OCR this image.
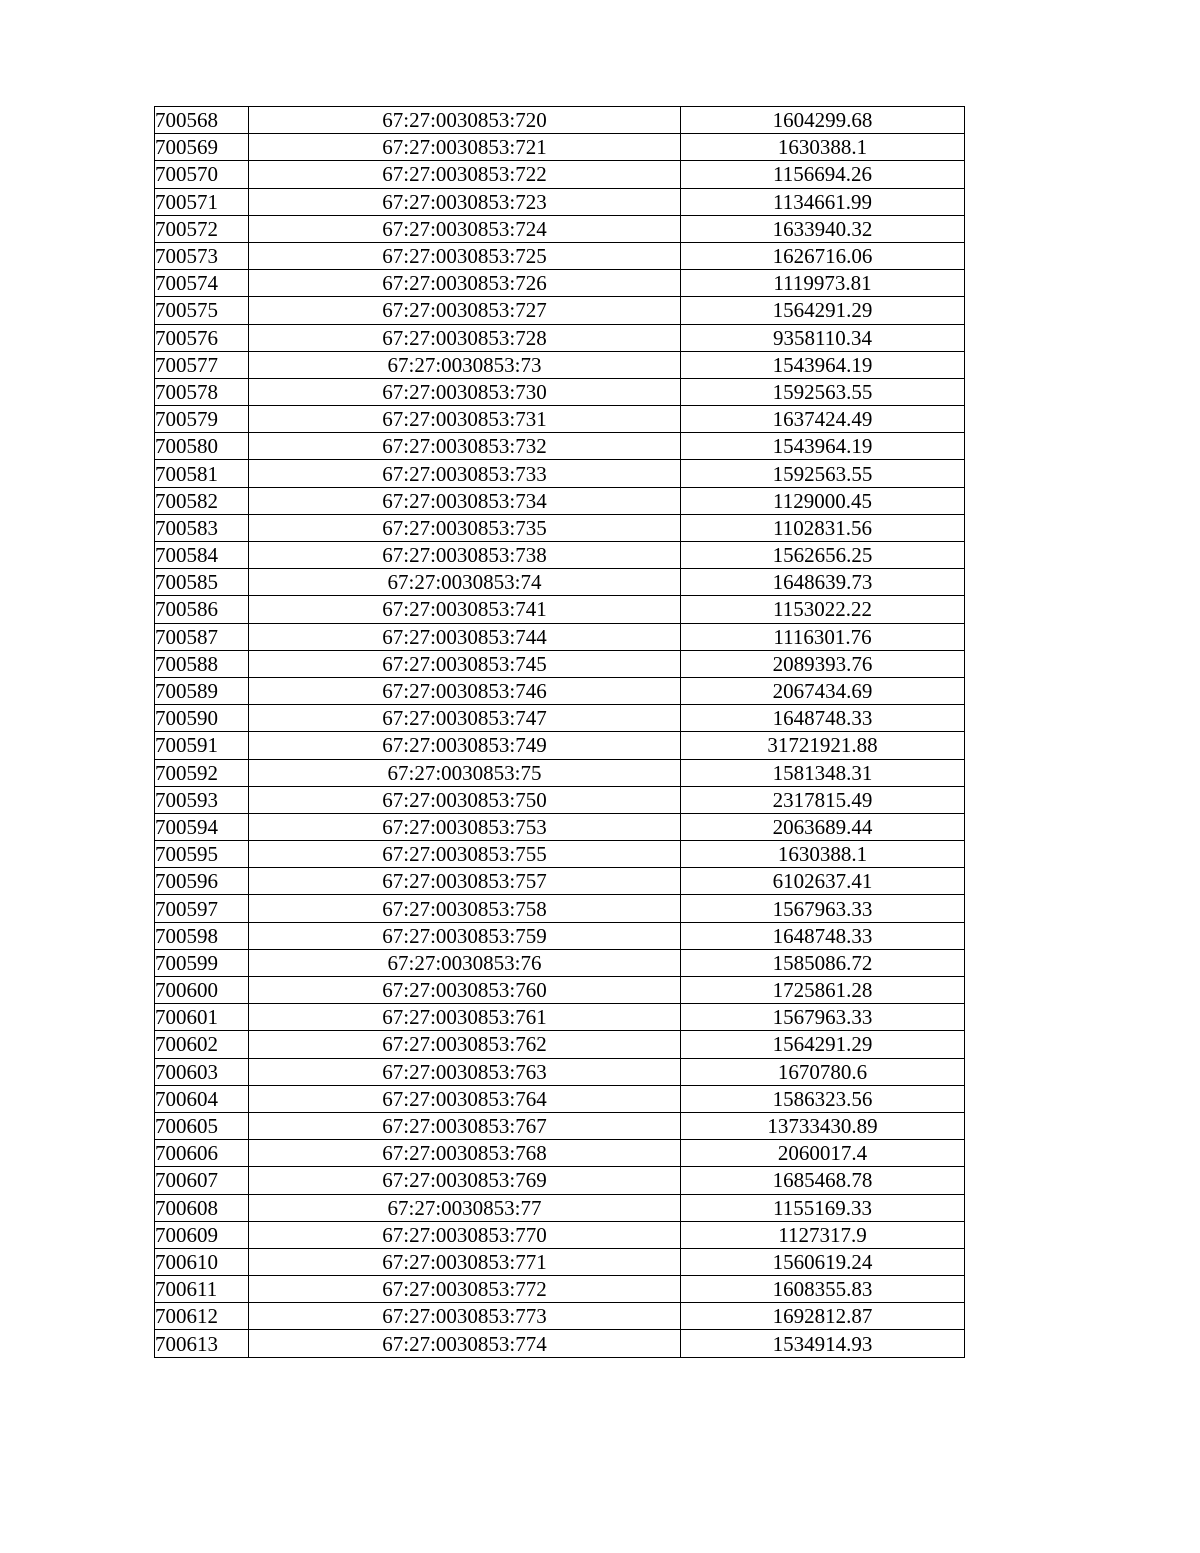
700568	67:27:0030853:720	1604299.68
700569	67:27:0030853:721	1630388.1
700570	67:27:0030853:722	1156694.26
700571	67:27:0030853:723	1134661.99
700572	67:27:0030853:724	1633940.32
700573	67:27:0030853:725	1626716.06
700574	67:27:0030853:726	1119973.81
700575	67:27:0030853:727	1564291.29
700576	67:27:0030853:728	9358110.34
700577	67:27:0030853:73	1543964.19
700578	67:27:0030853:730	1592563.55
700579	67:27:0030853:731	1637424.49
700580	67:27:0030853:732	1543964.19
700581	67:27:0030853:733	1592563.55
700582	67:27:0030853:734	1129000.45
700583	67:27:0030853:735	1102831.56
700584	67:27:0030853:738	1562656.25
700585	67:27:0030853:74	1648639.73
700586	67:27:0030853:741	1153022.22
700587	67:27:0030853:744	1116301.76
700588	67:27:0030853:745	2089393.76
700589	67:27:0030853:746	2067434.69
700590	67:27:0030853:747	1648748.33
700591	67:27:0030853:749	31721921.88
700592	67:27:0030853:75	1581348.31
700593	67:27:0030853:750	2317815.49
700594	67:27:0030853:753	2063689.44
700595	67:27:0030853:755	1630388.1
700596	67:27:0030853:757	6102637.41
700597	67:27:0030853:758	1567963.33
700598	67:27:0030853:759	1648748.33
700599	67:27:0030853:76	1585086.72
700600	67:27:0030853:760	1725861.28
700601	67:27:0030853:761	1567963.33
700602	67:27:0030853:762	1564291.29
700603	67:27:0030853:763	1670780.6
700604	67:27:0030853:764	1586323.56
700605	67:27:0030853:767	13733430.89
700606	67:27:0030853:768	2060017.4
700607	67:27:0030853:769	1685468.78
700608	67:27:0030853:77	1155169.33
700609	67:27:0030853:770	1127317.9
700610	67:27:0030853:771	1560619.24
700611	67:27:0030853:772	1608355.83
700612	67:27:0030853:773	1692812.87
700613	67:27:0030853:774	1534914.93
